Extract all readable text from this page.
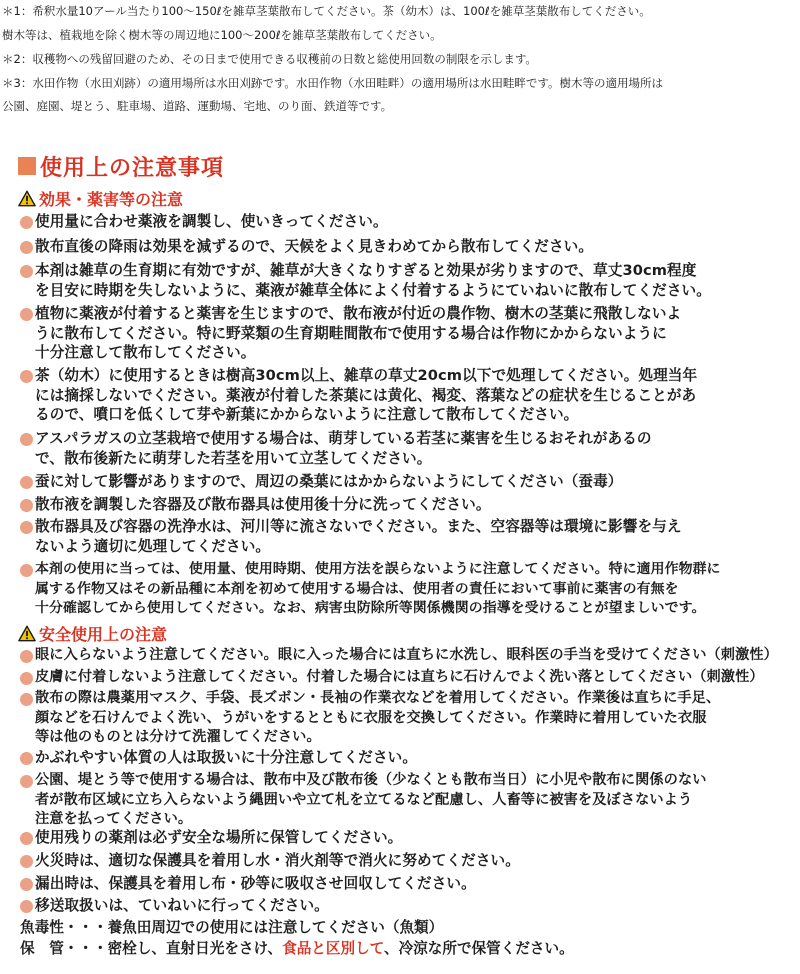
＊1：希釈水量10アール当たり100～150ℓを雑草茎葉散布してください。茶（幼木）は、100ℓを雑草茎葉散布してください。
樹木等は、植栽地を除く樹木等の周辺地に100～200ℓを雑草茎葉散布してください。
＊2：収穫物への残留回避のため、その日まで使用できる収穫前の日数と総使用回数の制限を示します。
＊3：水田作物（水田刈跡）の適用場所は水田刈跡です。水田作物（水田畦畔）の適用場所は水田畦畔です。樹木等の適用場所は
公園、庭園、堤とう、駐車場、道路、運動場、宅地、のり面、鉄道等です。
使用上の注意事項
効果・薬害等の注意
使用量に合わせ薬液を調製し、使いきってください。
散布直後の降雨は効果を減ずるので、天候をよく見きわめてから散布してください。
本剤は雑草の生育期に有効ですが、雑草が大きくなりすぎると効果が劣りますので、草丈30cm程度
を目安に時期を失しないように、薬液が雑草全体によく付着するようにていねいに散布してください。
植物に薬液が付着すると薬害を生じますので、散布液が付近の農作物、樹木の茎葉に飛散しないよ
うに散布してください。特に野菜類の生育期畦間散布で使用する場合は作物にかからないように
十分注意して散布してください。
茶（幼木）に使用するときは樹高30cm以上、雑草の草丈20cm以下で処理してください。処理当年
には摘採しないでください。薬液が付着した茶葉には黄化、褐変、落葉などの症状を生じることがあ
るので、噴口を低くして芽や新葉にかからないように注意して散布してください。
アスパラガスの立茎栽培で使用する場合は、萌芽している若茎に薬害を生じるおそれがあるの
で、散布後新たに萌芽した若茎を用いて立茎してください。
蚕に対して影響がありますので、周辺の桑葉にはかからないようにしてください（蚕毒）
散布液を調製した容器及び散布器具は使用後十分に洗ってください。
散布器具及び容器の洗浄水は、河川等に流さないでください。また、空容器等は環境に影響を与え
ないよう適切に処理してください。
本剤の使用に当っては、使用量、使用時期、使用方法を誤らないように注意してください。特に適用作物群に
属する作物又はその新品種に本剤を初めて使用する場合は、使用者の責任において事前に薬害の有無を
十分確認してから使用してください。なお、病害虫防除所等関係機関の指導を受けることが望ましいです。
安全使用上の注意
眼に入らないよう注意してください。眼に入った場合には直ちに水洗し、眼科医の手当を受けてください（刺激性）
皮膚に付着しないよう注意してください。付着した場合には直ちに石けんでよく洗い落としてください（刺激性）
散布の際は農薬用マスク、手袋、長ズボン・長袖の作業衣などを着用してください。作業後は直ちに手足、
顔などを石けんでよく洗い、うがいをするとともに衣服を交換してください。作業時に着用していた衣服
等は他のものとは分けて洗濯してください。
かぶれやすい体質の人は取扱いに十分注意してください。
公園、堤とう等で使用する場合は、散布中及び散布後（少なくとも散布当日）に小児や散布に関係のない
者が散布区域に立ち入らないよう縄囲いや立て札を立てるなど配慮し、人畜等に被害を及ぼさないよう
注意を払ってください。
使用残りの薬剤は必ず安全な場所に保管してください。
火災時は、適切な保護具を着用し水・消火剤等で消火に努めてください。
漏出時は、保護具を着用し布・砂等に吸収させ回収してください。
移送取扱いは、ていねいに行ってください。
魚毒性・・・養魚田周辺での使用には注意してください（魚類）
保　管・・・密栓し、直射日光をさけ、食品と区別して、冷涼な所で保管ください。
